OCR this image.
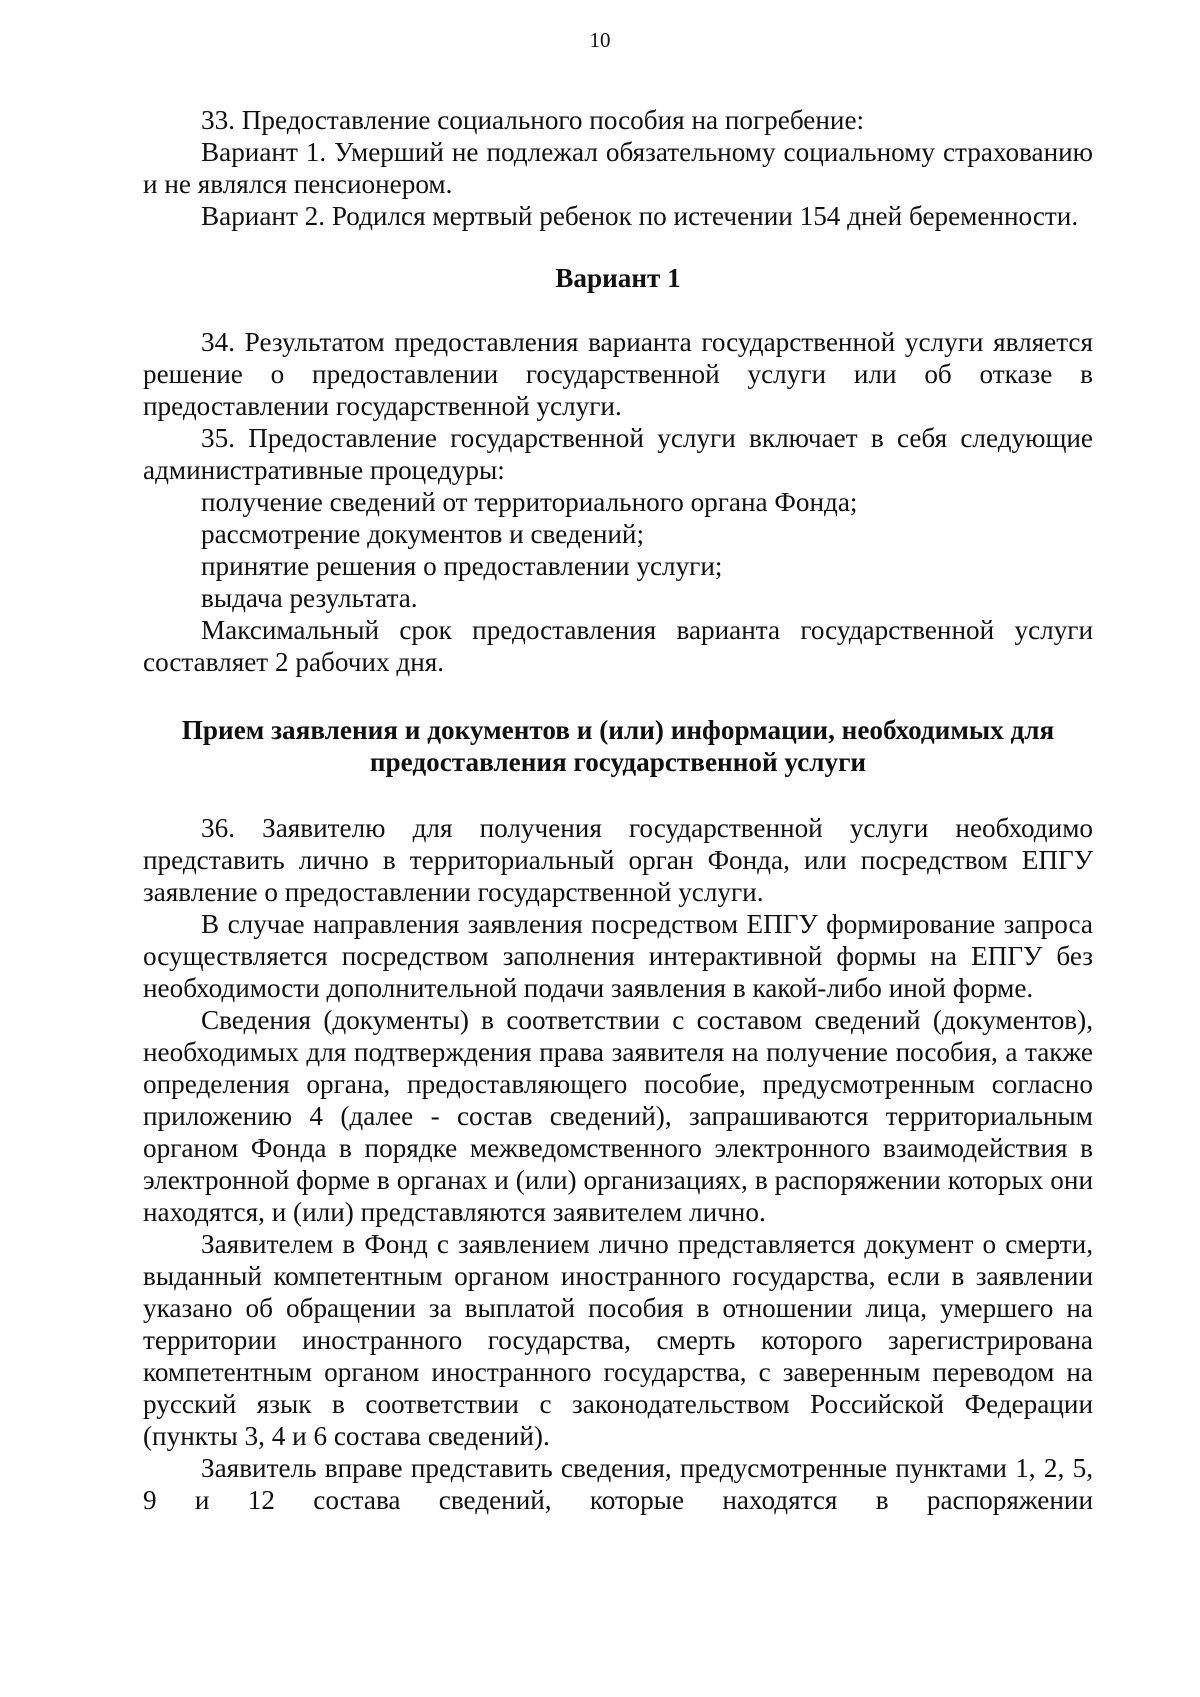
10

33. Предоставление социального пособия на погребение:

Вариант 1. Умерший не подлежал обязательному социальному страхованию и не являлся пенсионером.

Вариант 2. Родился мертвый ребенок по истечении 154 дней беременности.

Вариант 1

34. Результатом предоставления варианта государственной услуги является решение о предоставлении государственной услуги или об отказе в предоставлении государственной услуги.

35. Предоставление государственной услуги включает в себя следующие административные процедуры:

получение сведений от территориального органа Фонда;

рассмотрение документов и сведений;

принятие решения о предоставлении услуги;

выдача результата.

Максимальный срок предоставления варианта государственной услуги составляет 2 рабочих дня.

Прием заявления и документов и (или) информации, необходимых для предоставления государственной услуги

36. Заявителю для получения государственной услуги необходимо представить лично в территориальный орган Фонда, или посредством ЕПГУ заявление о предоставлении государственной услуги.

В случае направления заявления посредством ЕПГУ формирование запроса осуществляется посредством заполнения интерактивной формы на ЕПГУ без необходимости дополнительной подачи заявления в какой-либо иной форме.

Сведения (документы) в соответствии с составом сведений (документов), необходимых для подтверждения права заявителя на получение пособия, а также определения органа, предоставляющего пособие, предусмотренным согласно приложению 4 (далее - состав сведений), запрашиваются территориальным органом Фонда в порядке межведомственного электронного взаимодействия в электронной форме в органах и (или) организациях, в распоряжении которых они находятся, и (или) представляются заявителем лично.

Заявителем в Фонд с заявлением лично представляется документ о смерти, выданный компетентным органом иностранного государства, если в заявлении указано об обращении за выплатой пособия в отношении лица, умершего на территории иностранного государства, смерть которого зарегистрирована компетентным органом иностранного государства, с заверенным переводом на русский язык в соответствии с законодательством Российской Федерации (пункты 3, 4 и 6 состава сведений).

Заявитель вправе представить сведения, предусмотренные пунктами 1, 2, 5, 9 и 12 состава сведений, которые находятся в распоряжении
